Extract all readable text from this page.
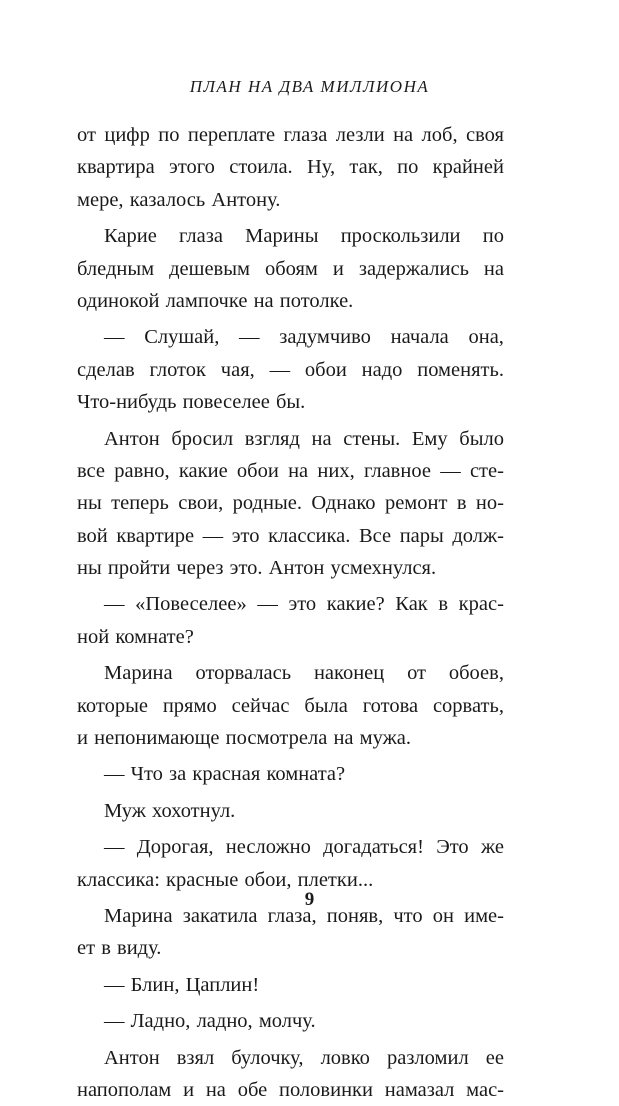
ПЛАН НА ДВА МИЛЛИОНА
от цифр по переплате глаза лезли на лоб, своя
квартира этого стоила. Ну, так, по крайней
мере, казалось Антону.
Карие глаза Марины проскользили по
бледным дешевым обоям и задержались на
одинокой лампочке на потолке.
— Слушай, — задумчиво начала она,
сделав глоток чая, — обои надо поменять.
Что-нибудь повеселее бы.
Антон бросил взгляд на стены. Ему было
все равно, какие обои на них, главное — сте-
ны теперь свои, родные. Однако ремонт в но-
вой квартире — это классика. Все пары долж-
ны пройти через это. Антон усмехнулся.
— «Повеселее» — это какие? Как в крас-
ной комнате?
Марина оторвалась наконец от обоев,
которые прямо сейчас была готова сорвать,
и непонимающе посмотрела на мужа.
— Что за красная комната?
Муж хохотнул.
— Дорогая, несложно догадаться! Это же
классика: красные обои, плетки...
Марина закатила глаза, поняв, что он име-
ет в виду.
— Блин, Цаплин!
— Ладно, ладно, молчу.
Антон взял булочку, ловко разломил ее
напополам и на обе половинки намазал мас-
9
